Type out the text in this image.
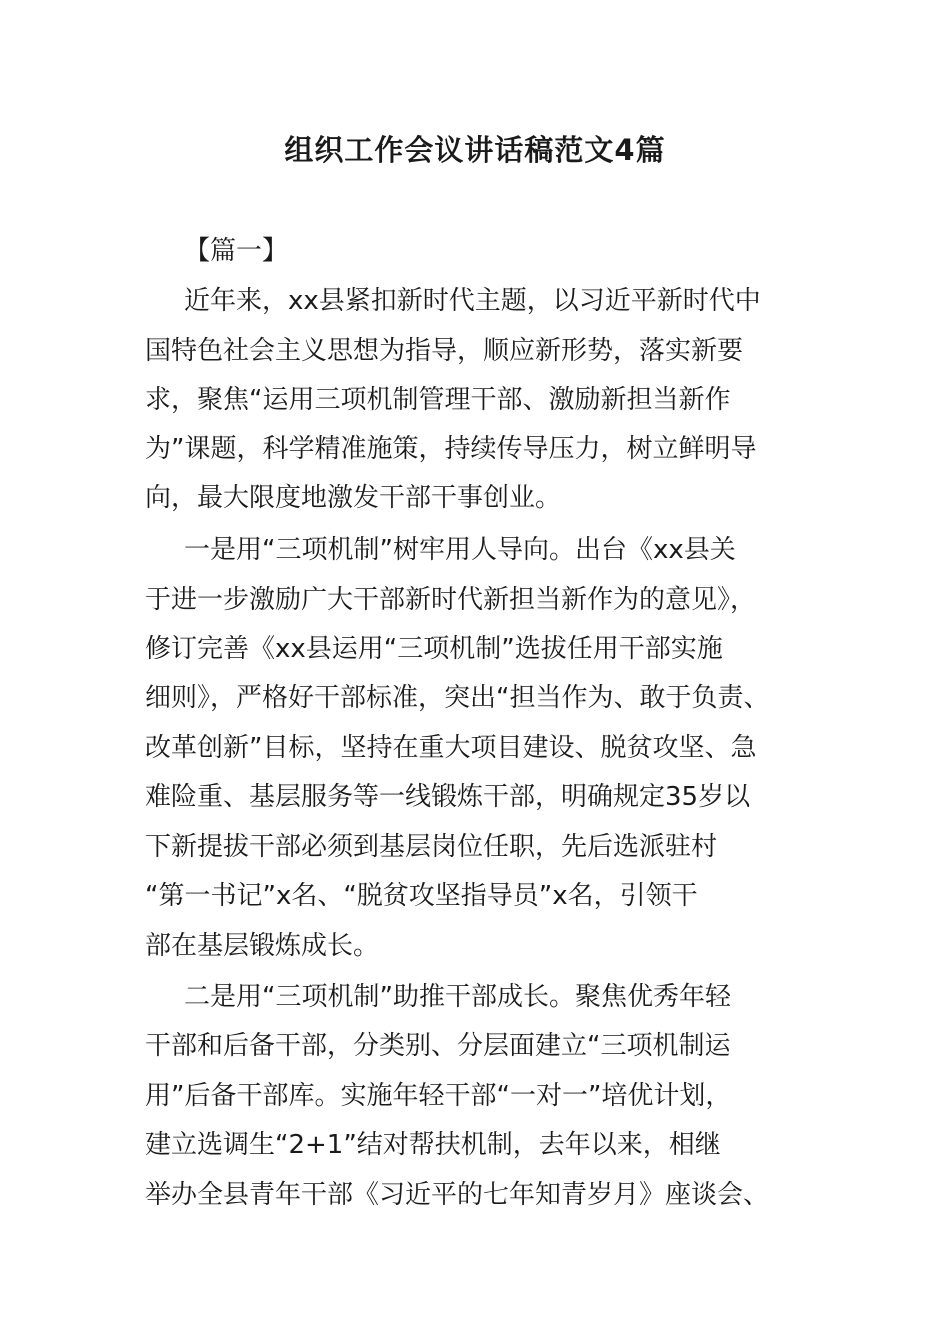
组织工作会议讲话稿范文4篇
【篇一】
近年来，xx县紧扣新时代主题，以习近平新时代中
国特色社会主义思想为指导，顺应新形势，落实新要
求，聚焦“运用三项机制管理干部、激励新担当新作
为”课题，科学精准施策，持续传导压力，树立鲜明导
向，最大限度地激发干部干事创业。
一是用“三项机制”树牢用人导向。出台《xx县关
于进一步激励广大干部新时代新担当新作为的意见》，
修订完善《xx县运用“三项机制”选拔任用干部实施
细则》，严格好干部标准，突出“担当作为、敢于负责、
改革创新”目标，坚持在重大项目建设、脱贫攻坚、急
难险重、基层服务等一线锻炼干部，明确规定35岁以
下新提拔干部必须到基层岗位任职，先后选派驻村
“第一书记”x名、“脱贫攻坚指导员”x名，引领干
部在基层锻炼成长。
二是用“三项机制”助推干部成长。聚焦优秀年轻
干部和后备干部，分类别、分层面建立“三项机制运
用”后备干部库。实施年轻干部“一对一”培优计划，
建立选调生“2+1”结对帮扶机制，去年以来，相继
举办全县青年干部《习近平的七年知青岁月》座谈会、
